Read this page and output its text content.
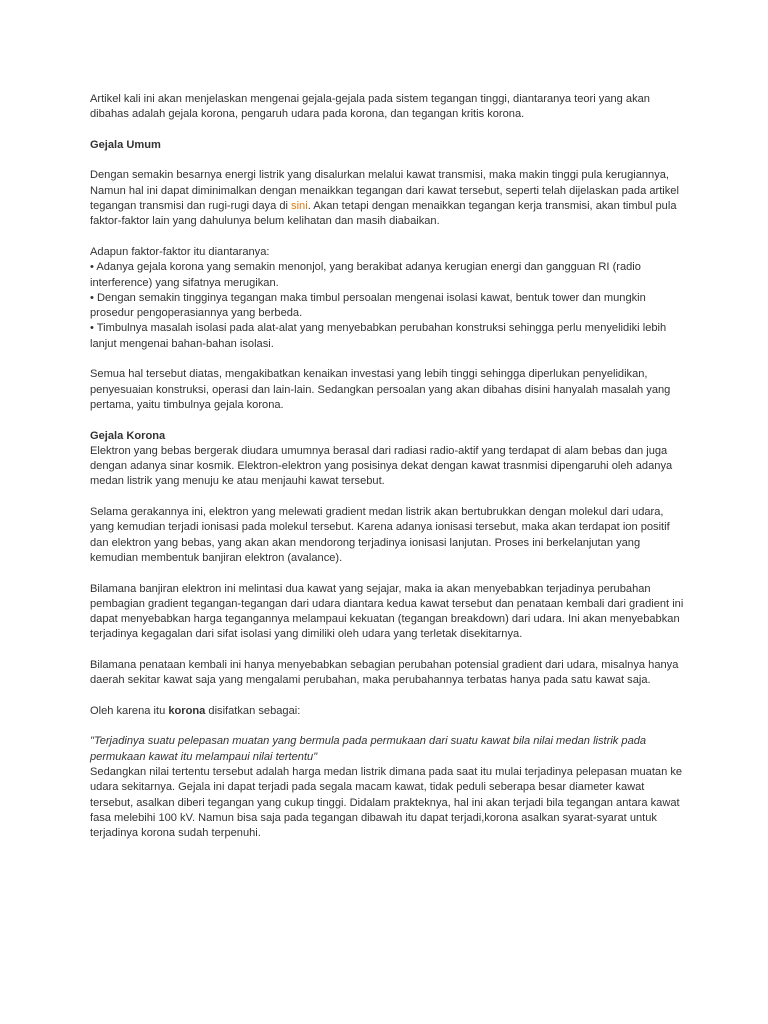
Artikel kali ini akan menjelaskan mengenai gejala-gejala pada sistem tegangan tinggi, diantaranya teori yang akan dibahas adalah gejala korona, pengaruh udara pada korona, dan tegangan kritis korona.

Gejala Umum

Dengan semakin besarnya energi listrik yang disalurkan melalui kawat transmisi, maka makin tinggi pula kerugiannya, Namun hal ini dapat diminimalkan dengan menaikkan tegangan dari kawat tersebut, seperti telah dijelaskan pada artikel tegangan transmisi dan rugi-rugi daya di sini. Akan tetapi dengan menaikkan tegangan kerja transmisi, akan timbul pula faktor-faktor lain yang dahulunya belum kelihatan dan masih diabaikan.

Adapun faktor-faktor itu diantaranya:
• Adanya gejala korona yang semakin menonjol, yang berakibat adanya kerugian energi dan gangguan RI (radio interference) yang sifatnya merugikan.
• Dengan semakin tingginya tegangan maka timbul persoalan mengenai isolasi kawat, bentuk tower dan mungkin prosedur pengoperasiannya yang berbeda.
• Timbulnya masalah isolasi pada alat-alat yang menyebabkan perubahan konstruksi sehingga perlu menyelidiki lebih lanjut mengenai bahan-bahan isolasi.

Semua hal tersebut diatas, mengakibatkan kenaikan investasi yang lebih tinggi sehingga diperlukan penyelidikan, penyesuaian konstruksi, operasi dan lain-lain. Sedangkan persoalan yang akan dibahas disini hanyalah masalah yang pertama, yaitu timbulnya gejala korona.

Gejala Korona

Elektron yang bebas bergerak diudara umumnya berasal dari radiasi radio-aktif yang terdapat di alam bebas dan juga dengan adanya sinar kosmik. Elektron-elektron yang posisinya dekat dengan kawat trasnmisi dipengaruhi oleh adanya medan listrik yang menuju ke atau menjauhi kawat tersebut.

Selama gerakannya ini, elektron yang melewati gradient medan listrik akan bertubrukkan dengan molekul dari udara, yang kemudian terjadi ionisasi pada molekul tersebut. Karena adanya ionisasi tersebut, maka akan terdapat ion positif dan elektron yang bebas, yang akan akan mendorong terjadinya ionisasi lanjutan. Proses ini berkelanjutan yang kemudian membentuk banjiran elektron (avalance).

Bilamana banjiran elektron ini melintasi dua kawat yang sejajar, maka ia akan menyebabkan terjadinya perubahan pembagian gradient tegangan-tegangan dari udara diantara kedua kawat tersebut dan penataan kembali dari gradient ini dapat menyebabkan harga tegangannya melampaui kekuatan (tegangan breakdown) dari udara. Ini akan menyebabkan terjadinya kegagalan dari sifat isolasi yang dimiliki oleh udara yang terletak disekitarnya.

Bilamana penataan kembali ini hanya menyebabkan sebagian perubahan potensial gradient dari udara, misalnya hanya daerah sekitar kawat saja yang mengalami perubahan, maka perubahannya terbatas hanya pada satu kawat saja.

Oleh karena itu korona disifatkan sebagai:

"Terjadinya suatu pelepasan muatan yang bermula pada permukaan dari suatu kawat bila nilai medan listrik pada permukaan kawat itu melampaui nilai tertentu"

Sedangkan nilai tertentu tersebut adalah harga medan listrik dimana pada saat itu mulai terjadinya pelepasan muatan ke udara sekitarnya. Gejala ini dapat terjadi pada segala macam kawat, tidak peduli seberapa besar diameter kawat tersebut, asalkan diberi tegangan yang cukup tinggi. Didalam prakteknya, hal ini akan terjadi bila tegangan antara kawat fasa melebihi 100 kV. Namun bisa saja pada tegangan dibawah itu dapat terjadi,korona asalkan syarat-syarat untuk terjadinya korona sudah terpenuhi.
